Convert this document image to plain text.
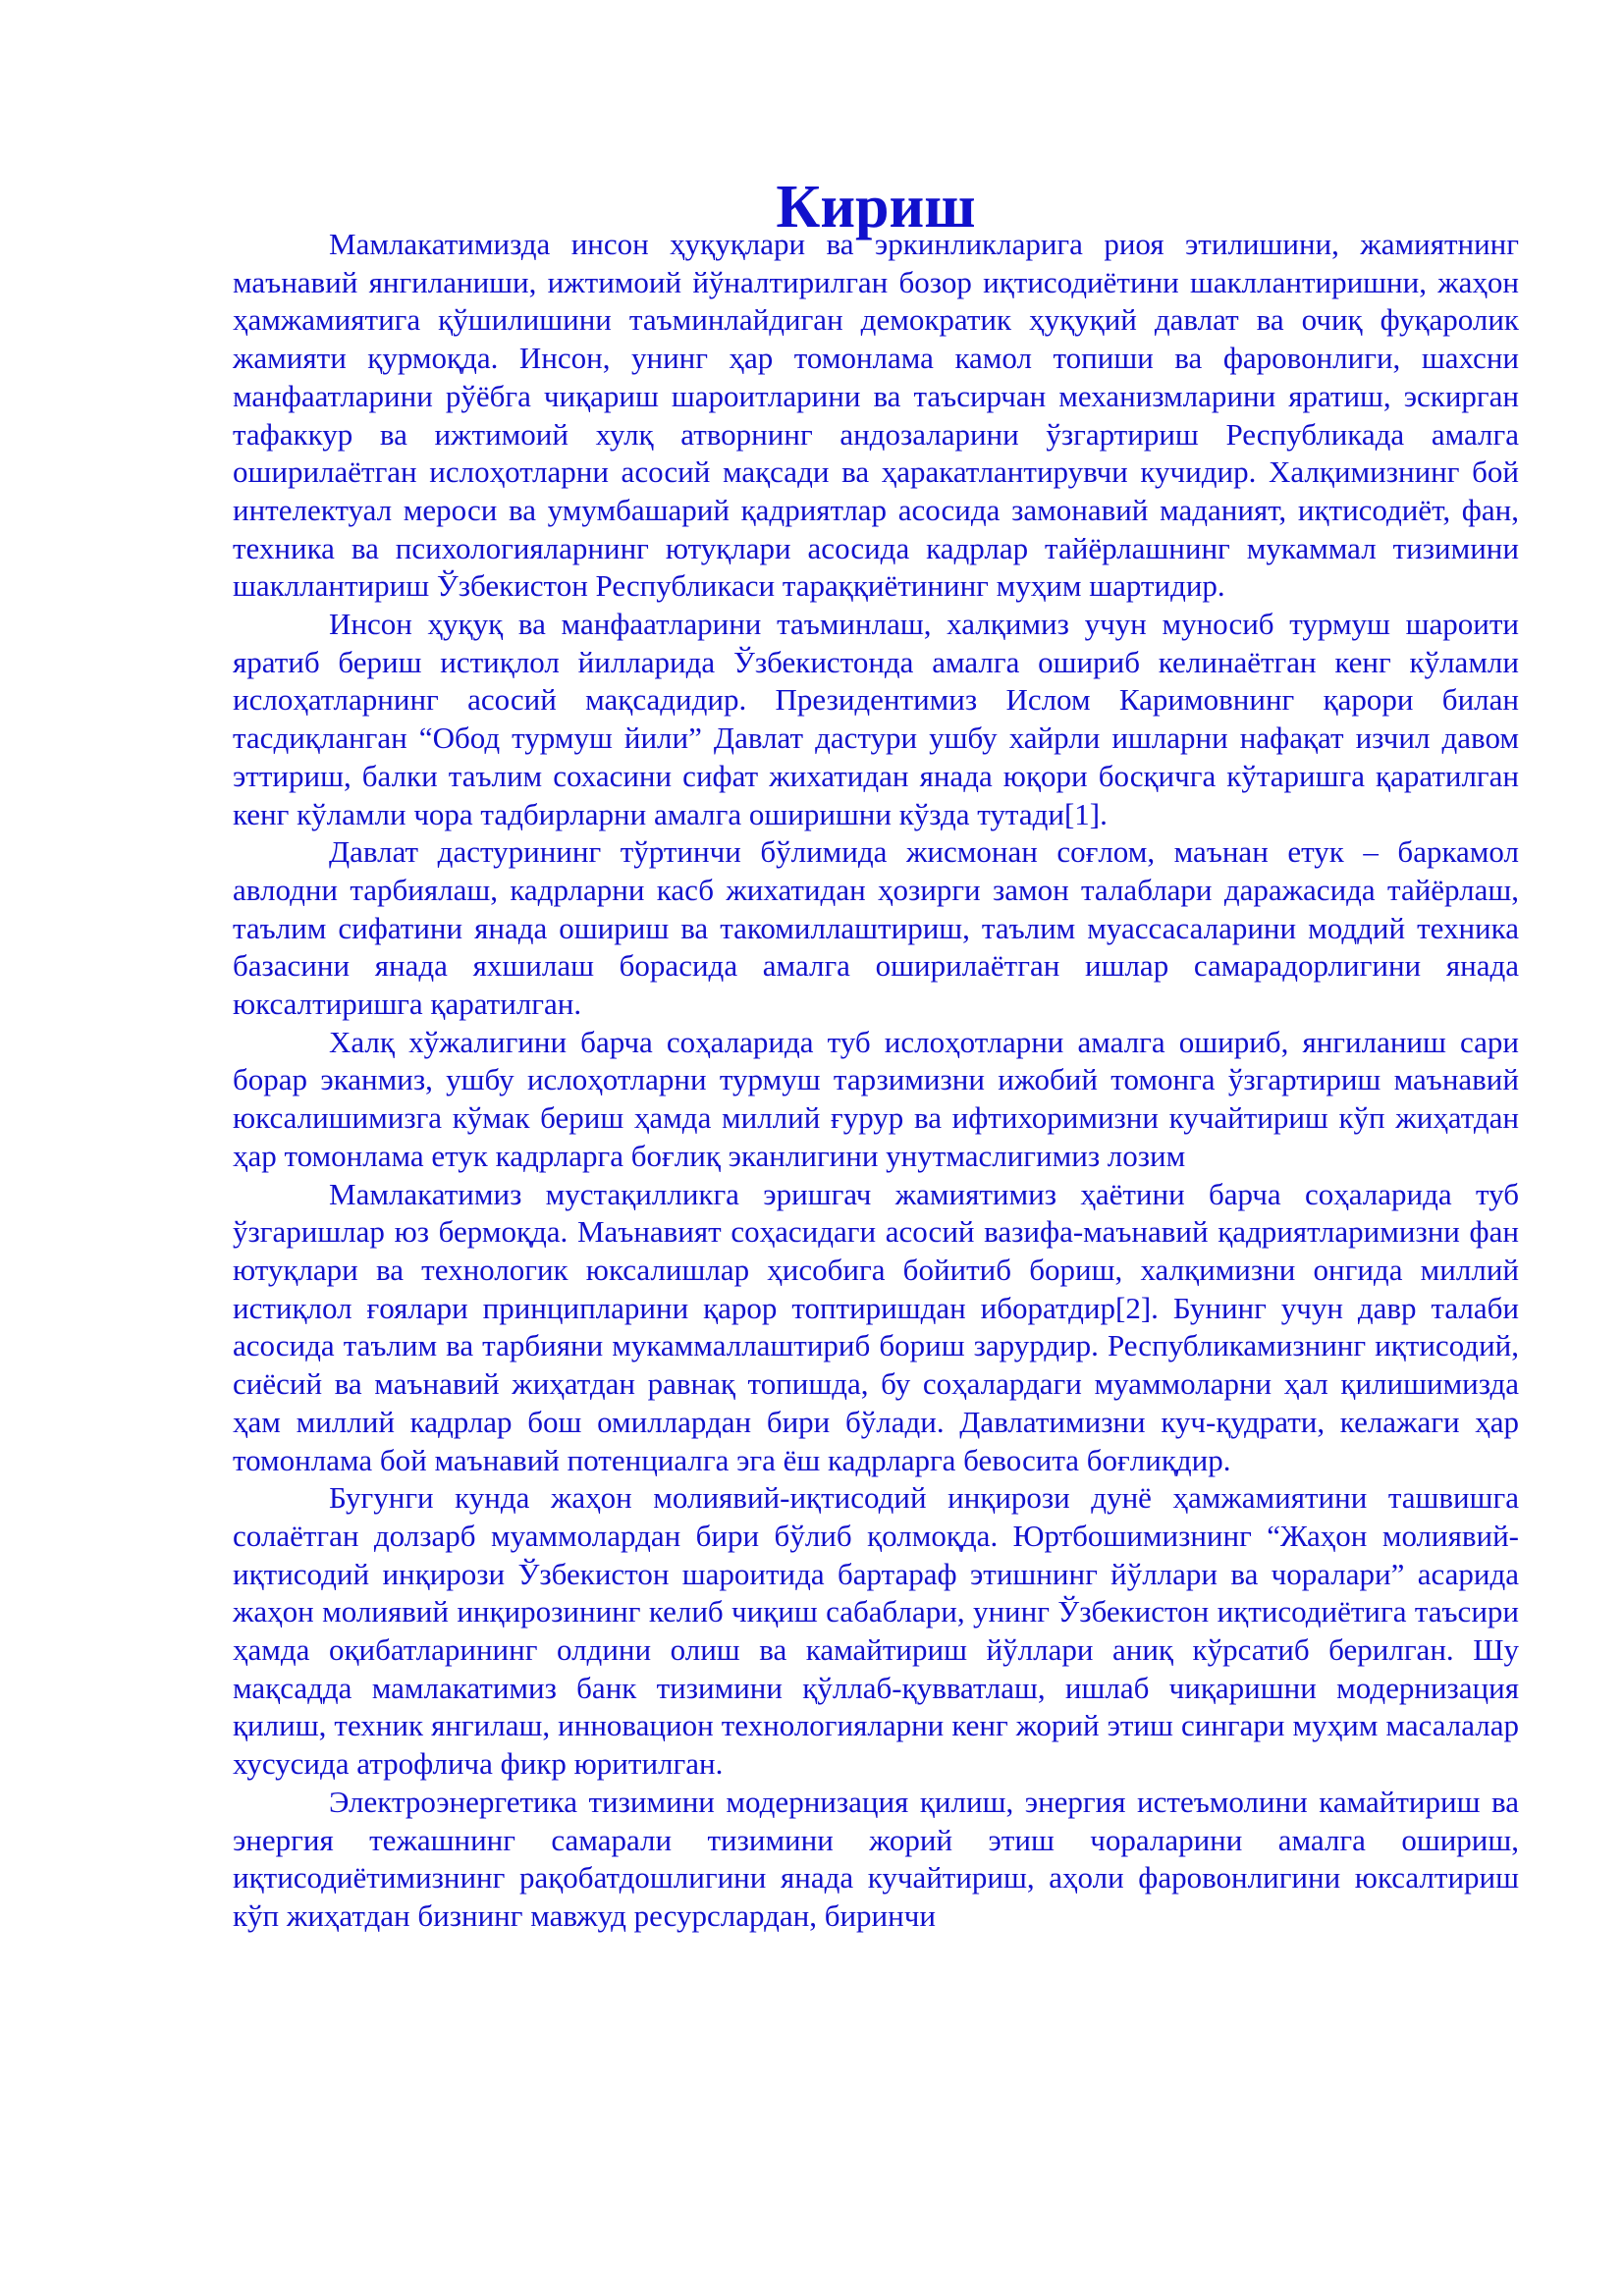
Кириш

Мамлакатимизда инсон ҳуқуқлари ва эркинликларига риоя этилишини, жамиятнинг маънавий янгиланиши, ижтимоий йўналтирилган бозор иқтисодиётини шакллантиришни, жаҳон ҳамжамиятига қўшилишини таъминлайдиган демократик ҳуқуқий давлат ва очиқ фуқаролик жамияти қурмоқда. Инсон, унинг ҳар томонлама камол топиши ва фаровонлиги, шахсни манфаатларини рўёбга чиқариш шароитларини ва таъсирчан механизмларини яратиш, эскирган тафаккур ва ижтимоий хулқ атворнинг андозаларини ўзгартириш Республикада амалга оширилаётган ислоҳотларни асосий мақсади ва ҳаракатлантирувчи кучидир. Халқимизнинг бой интелектуал мероси ва умумбашарий қадриятлар асосида замонавий маданият, иқтисодиёт, фан, техника ва психологияларнинг ютуқлари асосида кадрлар тайёрлашнинг мукаммал тизимини шакллантириш Ўзбекистон Республикаси тараққиётининг муҳим шартидир.

Инсон ҳуқуқ ва манфаатларини таъминлаш, халқимиз учун муносиб турмуш шароити яратиб бериш истиқлол йилларида Ўзбекистонда амалга ошириб келинаётган кенг кўламли ислоҳатларнинг асосий мақсадидир. Президентимиз Ислом Каримовнинг қарори билан тасдиқланган “Обод турмуш йили” Давлат дастури ушбу хайрли ишларни нафақат изчил давом эттириш, балки таълим сохасини сифат жихатидан янада юқори босқичга кўтаришга қаратилган кенг кўламли чора тадбирларни амалга оширишни кўзда тутади[1].

Давлат дастурининг тўртинчи бўлимида жисмонан соғлом, маънан етук – баркамол авлодни тарбиялаш, кадрларни касб жихатидан ҳозирги замон талаблари даражасида тайёрлаш, таълим сифатини янада ошириш ва такомиллаштириш, таълим муассасаларини моддий техника базасини янада яхшилаш борасида амалга оширилаётган ишлар самарадорлигини янада юксалтиришга қаратилган.

Халқ хўжалигини барча соҳаларида туб ислоҳотларни амалга ошириб, янгиланиш сари борар эканмиз, ушбу ислоҳотларни турмуш тарзимизни ижобий томонга ўзгартириш маънавий юксалишимизга кўмак бериш ҳамда миллий ғурур ва ифтихоримизни кучайтириш кўп жиҳатдан ҳар томонлама етук кадрларга боғлиқ эканлигини унутмаслигимиз лозим

Мамлакатимиз мустақилликга эришгач жамиятимиз ҳаётини барча соҳаларида туб ўзгаришлар юз бермоқда. Маънавият соҳасидаги асосий вазифа-маънавий қадриятларимизни фан ютуқлари ва технологик юксалишлар ҳисобига бойитиб бориш, халқимизни онгида миллий истиқлол ғоялари принципларини қарор топтиришдан иборатдир[2]. Бунинг учун давр талаби асосида таълим ва тарбияни мукаммаллаштириб бориш зарурдир. Республикамизнинг иқтисодий, сиёсий ва маънавий жиҳатдан равнақ топишда, бу соҳалардаги муаммоларни ҳал қилишимизда ҳам миллий кадрлар бош омиллардан бири бўлади. Давлатимизни куч-қудрати, келажаги ҳар томонлама бой маънавий потенциалга эга ёш кадрларга бевосита боғлиқдир.

Бугунги кунда жаҳон молиявий-иқтисодий инқирози дунё ҳамжамиятини ташвишга солаётган долзарб муаммолардан бири бўлиб қолмоқда. Юртбошимизнинг “Жаҳон молиявий-иқтисодий инқирози Ўзбекистон шароитида бартараф этишнинг йўллари ва чоралари” асарида жаҳон молиявий инқирозининг келиб чиқиш сабаблари, унинг Ўзбекистон иқтисодиётига таъсири ҳамда оқибатларининг олдини олиш ва камайтириш йўллари аниқ кўрсатиб берилган. Шу мақсадда мамлакатимиз банк тизимини қўллаб-қувватлаш, ишлаб чиқаришни модернизация қилиш, техник янгилаш, инновацион технологияларни кенг жорий этиш сингари муҳим масалалар хусусида атрофлича фикр юритилган.

Электроэнергетика тизимини модернизация қилиш, энергия истеъмолини камайтириш ва энергия тежашнинг самарали тизимини жорий этиш чораларини амалга ошириш, иқтисодиётимизнинг рақобатдошлигини янада кучайтириш, аҳоли фаровонлигини юксалтириш кўп жиҳатдан бизнинг мавжуд ресурслардан, биринчи
